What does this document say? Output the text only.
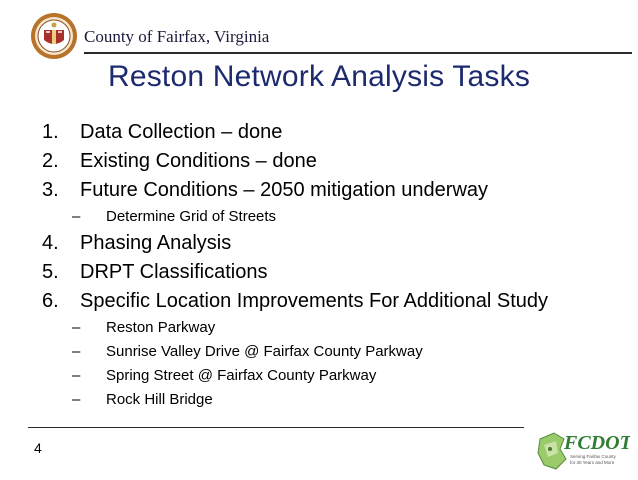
County of Fairfax, Virginia
Reston Network Analysis Tasks
1. Data Collection – done
2. Existing Conditions – done
3. Future Conditions – 2050 mitigation underway
– Determine Grid of Streets
4. Phasing Analysis
5. DRPT Classifications
6. Specific Location Improvements For Additional Study
– Reston Parkway
– Sunrise Valley Drive @ Fairfax County Parkway
– Spring Street @ Fairfax County Parkway
– Rock Hill Bridge
4	FCDOT
Serving Fairfax County
for 30 Years and More
